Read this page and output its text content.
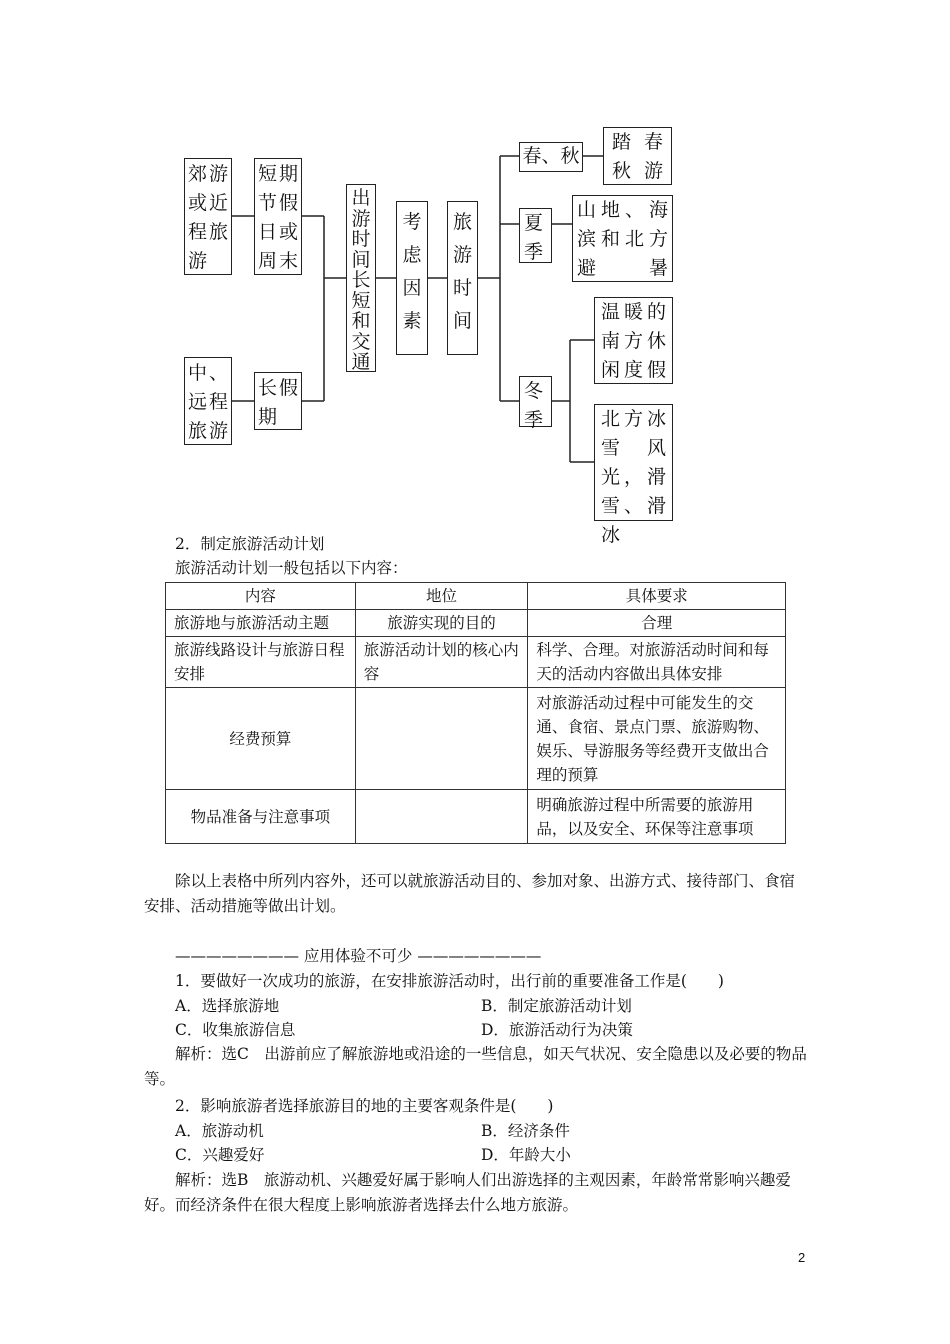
郊游或近程旅游
短期节假日或周末
中、远程旅游
长假期
出游时间长短和交通
考虑因素
旅游时间
春、秋
踏春秋游
夏季
山地、海滨和北方避暑
冬季
温暖的南方休闲度假
北方冰雪风光，滑雪、滑冰
2．制定旅游活动计划
旅游活动计划一般包括以下内容：
内容	地位	具体要求
旅游地与旅游活动主题	旅游实现的目的	合理
旅游线路设计与旅游日程安排	旅游活动计划的核心内容	科学、合理。对旅游活动时间和每天的活动内容做出具体安排
经费预算		对旅游活动过程中可能发生的交通、食宿、景点门票、旅游购物、娱乐、导游服务等经费开支做出合理的预算
物品准备与注意事项		明确旅游过程中所需要的旅游用品，以及安全、环保等注意事项
除以上表格中所列内容外，还可以就旅游活动目的、参加对象、出游方式、接待部门、食宿安排、活动措施等做出计划。
———————— 应用体验不可少 ————————
1．要做好一次成功的旅游，在安排旅游活动时，出行前的重要准备工作是(　　)
A．选择旅游地	B．制定旅游活动计划
C．收集旅游信息	D．旅游活动行为决策
解析：选C　出游前应了解旅游地或沿途的一些信息，如天气状况、安全隐患以及必要的物品等。
2．影响旅游者选择旅游目的地的主要客观条件是(　　)
A．旅游动机	B．经济条件
C．兴趣爱好	D．年龄大小
解析：选B　旅游动机、兴趣爱好属于影响人们出游选择的主观因素，年龄常常影响兴趣爱好。而经济条件在很大程度上影响旅游者选择去什么地方旅游。
2
